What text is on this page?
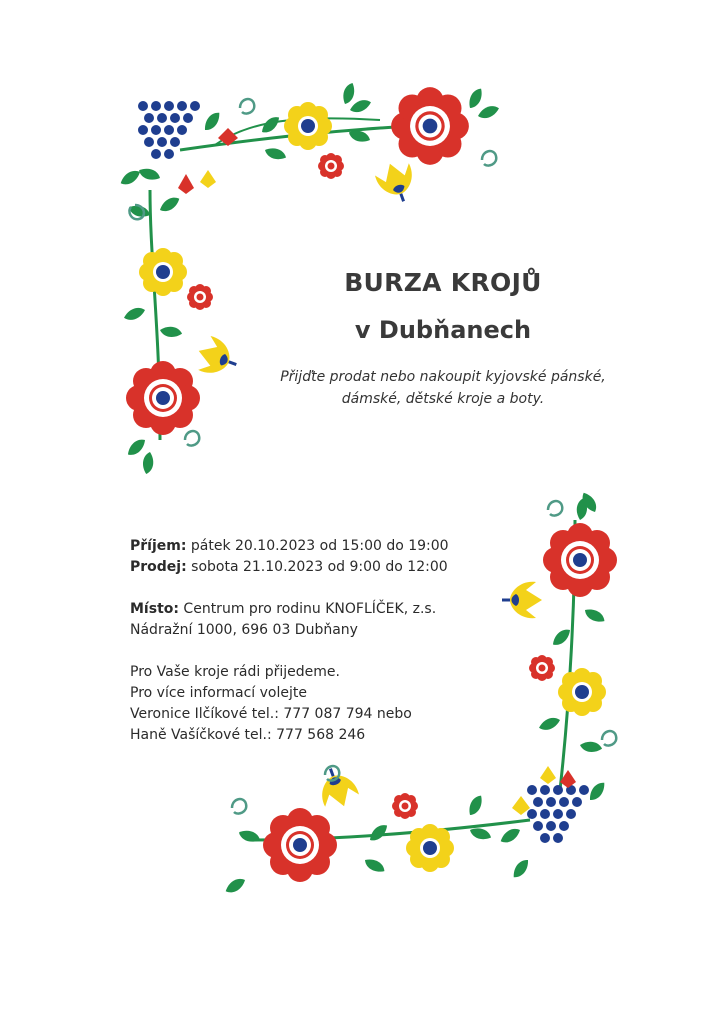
BURZA KROJŮ
v Dubňanech
Přijďte prodat nebo nakoupit kyjovské pánské,
dámské, dětské kroje a boty.

Příjem: pátek 20.10.2023 od 15:00 do 19:00

Prodej: sobota 21.10.2023 od 9:00 do 12:00

Místo: Centrum pro rodinu KNOFLÍČEK, z.s.

Nádražní 1000, 696 03 Dubňany

Pro Vaše kroje rádi přijedeme.

Pro více informací volejte

Veronice Ilčíkové tel.: 777 087 794 nebo

Haně Vašíčkové tel.: 777 568 246
